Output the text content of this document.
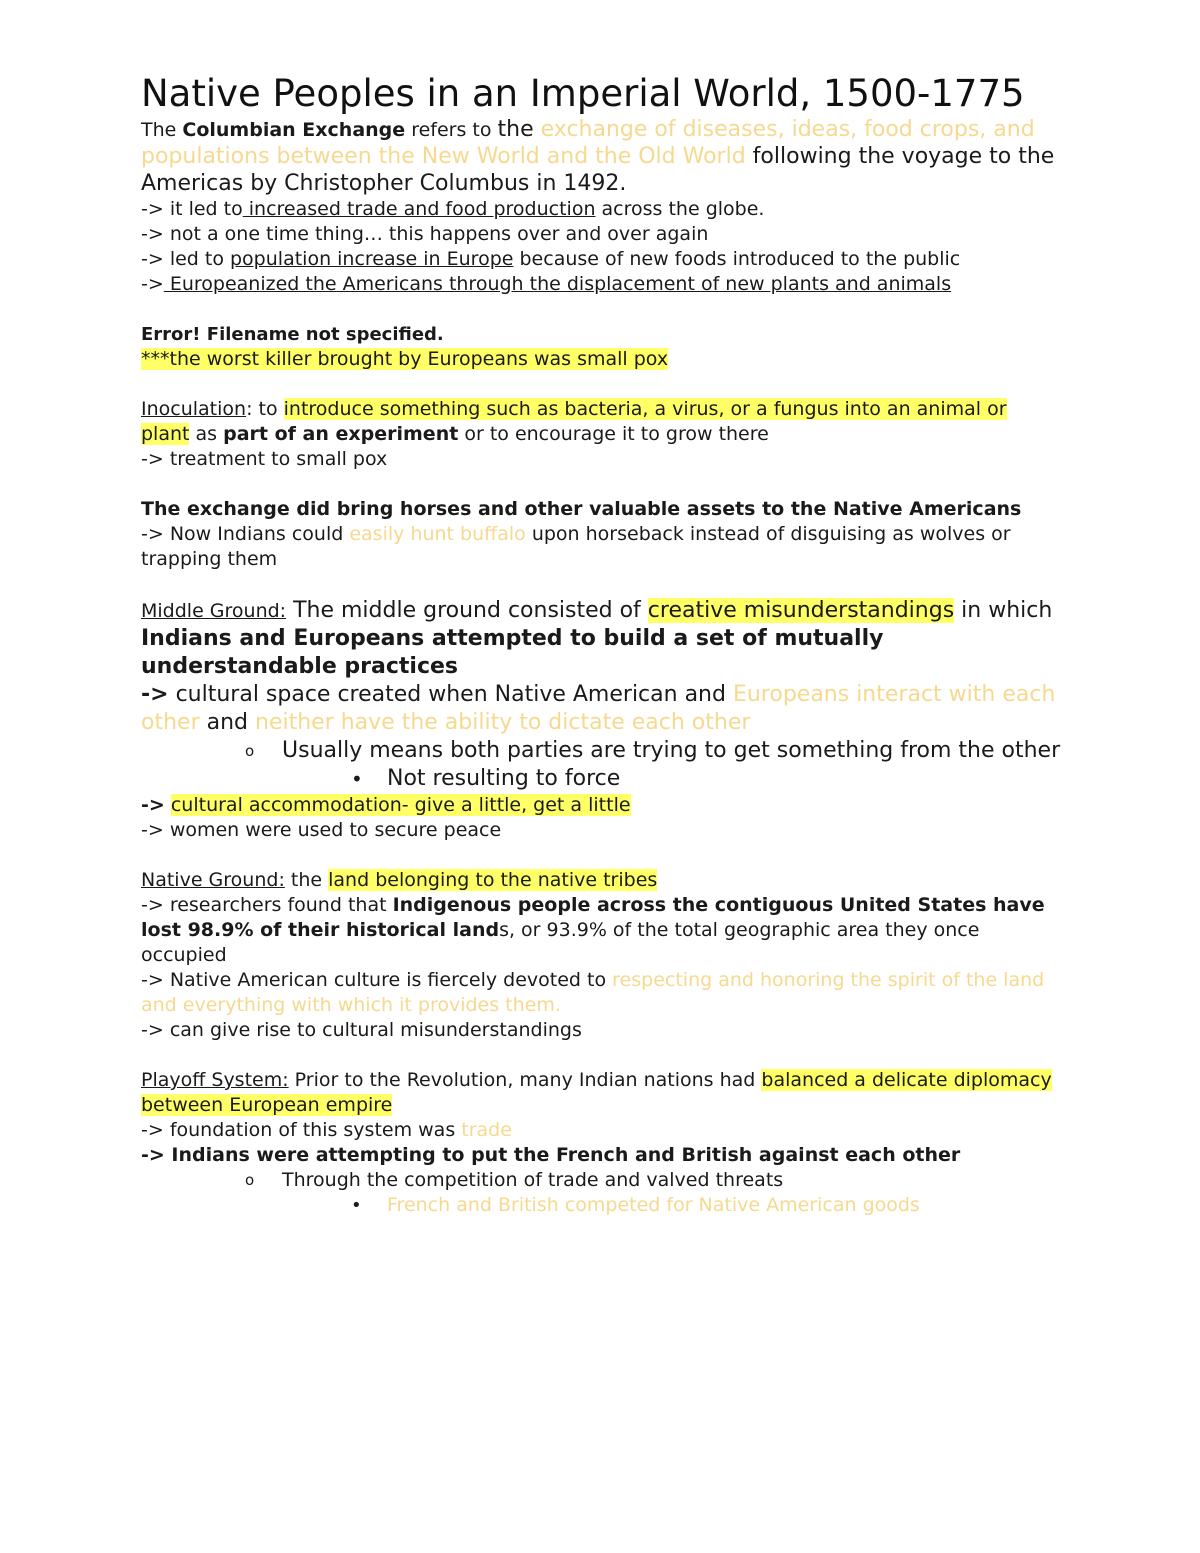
Native Peoples in an Imperial World, 1500-1775

The Columbian Exchange refers to the exchange of diseases, ideas, food crops, and populations between the New World and the Old World following the voyage to the Americas by Christopher Columbus in 1492.

-> it led to increased trade and food production across the globe.

-> not a one time thing… this happens over and over again

-> led to population increase in Europe because of new foods introduced to the public

-> Europeanized the Americans through the displacement of new plants and animals

Error! Filename not specified.

***the worst killer brought by Europeans was small pox

Inoculation: to introduce something such as bacteria, a virus, or a fungus into an animal or plant as part of an experiment or to encourage it to grow there

-> treatment to small pox

The exchange did bring horses and other valuable assets to the Native Americans

-> Now Indians could easily hunt buffalo upon horseback instead of disguising as wolves or trapping them

Middle Ground: The middle ground consisted of creative misunderstandings in which Indians and Europeans attempted to build a set of mutually understandable practices

-> cultural space created when Native American and Europeans interact with each other and neither have the ability to dictate each other

o Usually means both parties are trying to get something from the other

• Not resulting to force

-> cultural accommodation- give a little, get a little

-> women were used to secure peace

Native Ground: the land belonging to the native tribes

-> researchers found that Indigenous people across the contiguous United States have lost 98.9% of their historical lands, or 93.9% of the total geographic area they once occupied

-> Native American culture is fiercely devoted to respecting and honoring the spirit of the land and everything with which it provides them.

-> can give rise to cultural misunderstandings

Playoff System: Prior to the Revolution, many Indian nations had balanced a delicate diplomacy between European empire

-> foundation of this system was trade

-> Indians were attempting to put the French and British against each other

o Through the competition of trade and valved threats

• French and British competed for Native American goods
